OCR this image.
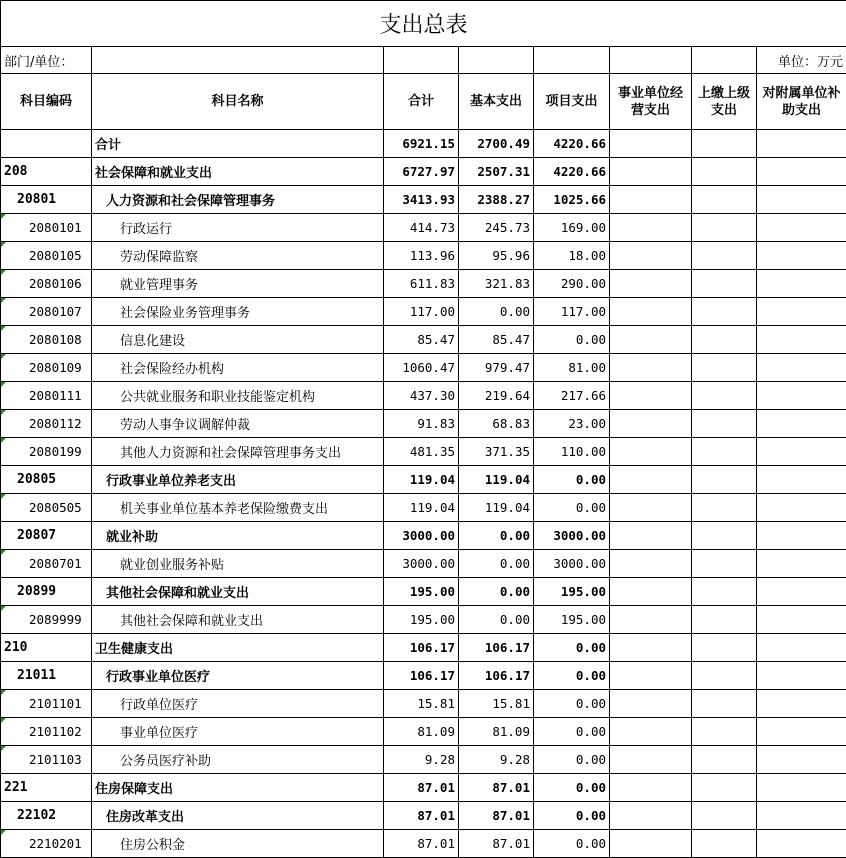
支出总表							
部门/单位：							单位：万元
科目编码	科目名称	合计	基本支出	项目支出	事业单位经营支出	上缴上级支出	对附属单位补助支出
	合计	6921.15	2700.49	4220.66			
208	社会保障和就业支出	6727.97	2507.31	4220.66			
20801	人力资源和社会保障管理事务	3413.93	2388.27	1025.66			

2080101	行政运行	414.73	245.73	169.00			

2080105	劳动保障监察	113.96	95.96	18.00			

2080106	就业管理事务	611.83	321.83	290.00			

2080107	社会保险业务管理事务	117.00	0.00	117.00			

2080108	信息化建设	85.47	85.47	0.00			

2080109	社会保险经办机构	1060.47	979.47	81.00			

2080111	公共就业服务和职业技能鉴定机构	437.30	219.64	217.66			

2080112	劳动人事争议调解仲裁	91.83	68.83	23.00			

2080199	其他人力资源和社会保障管理事务支出	481.35	371.35	110.00			
20805	行政事业单位养老支出	119.04	119.04	0.00			

2080505	机关事业单位基本养老保险缴费支出	119.04	119.04	0.00			
20807	就业补助	3000.00	0.00	3000.00			

2080701	就业创业服务补贴	3000.00	0.00	3000.00			
20899	其他社会保障和就业支出	195.00	0.00	195.00			

2089999	其他社会保障和就业支出	195.00	0.00	195.00			
210	卫生健康支出	106.17	106.17	0.00			
21011	行政事业单位医疗	106.17	106.17	0.00			

2101101	行政单位医疗	15.81	15.81	0.00			

2101102	事业单位医疗	81.09	81.09	0.00			

2101103	公务员医疗补助	9.28	9.28	0.00			
221	住房保障支出	87.01	87.01	0.00			
22102	住房改革支出	87.01	87.01	0.00			

2210201	住房公积金	87.01	87.01	0.00			
